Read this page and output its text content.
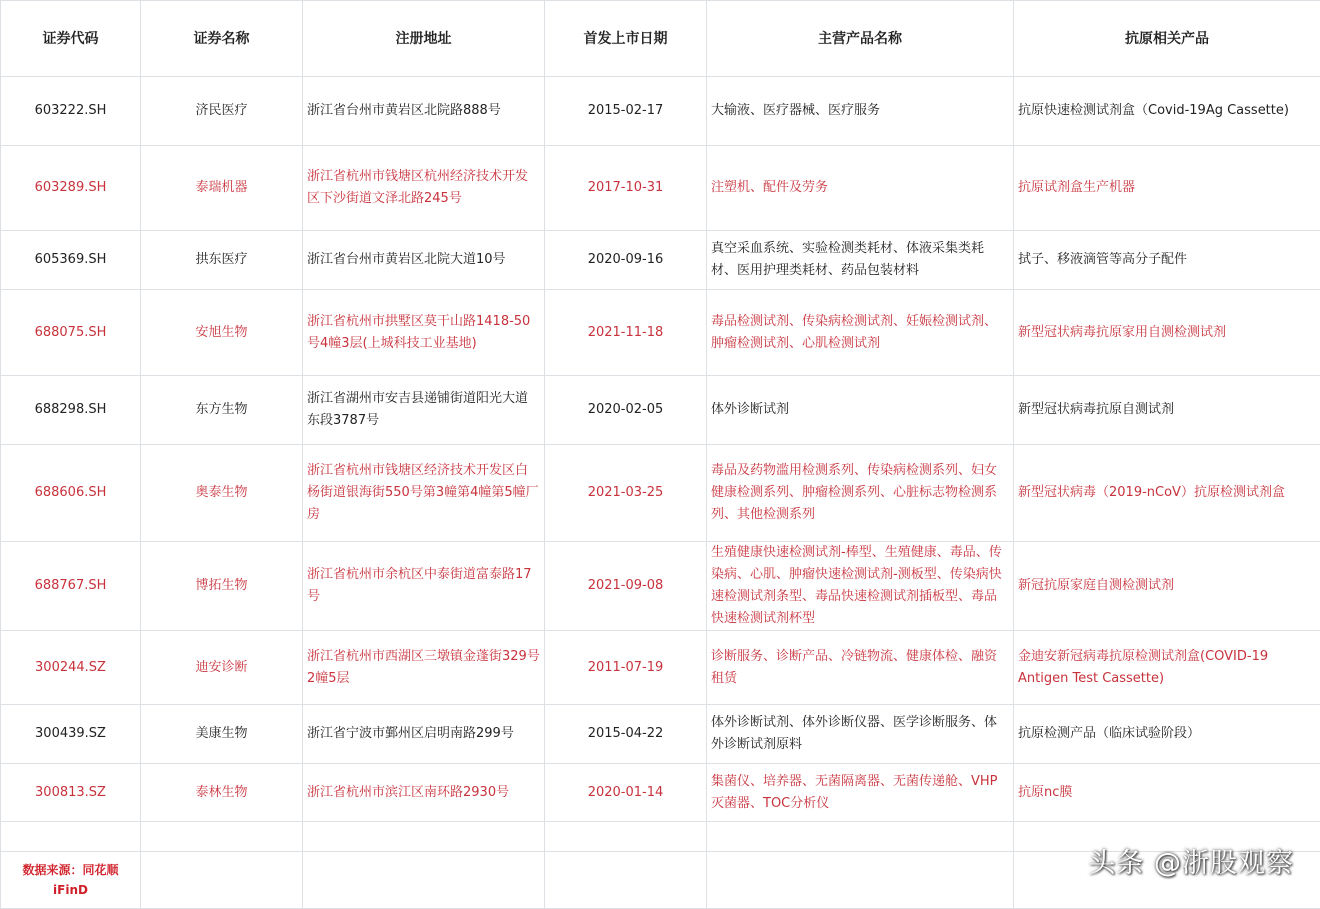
证券代码	证券名称	注册地址	首发上市日期	主营产品名称	抗原相关产品
603222.SH	济民医疗	浙江省台州市黄岩区北院路888号	2015-02-17	大输液、医疗器械、医疗服务	抗原快速检测试剂盒（Covid-19Ag Cassette)
603289.SH	泰瑞机器	浙江省杭州市钱塘区杭州经济技术开发区下沙街道文泽北路245号	2017-10-31	注塑机、配件及劳务	抗原试剂盒生产机器
605369.SH	拱东医疗	浙江省台州市黄岩区北院大道10号	2020-09-16	真空采血系统、实验检测类耗材、体液采集类耗材、医用护理类耗材、药品包装材料	拭子、移液滴管等高分子配件
688075.SH	安旭生物	浙江省杭州市拱墅区莫干山路1418-50号4幢3层(上城科技工业基地)	2021-11-18	毒品检测试剂、传染病检测试剂、妊娠检测试剂、肿瘤检测试剂、心肌检测试剂	新型冠状病毒抗原家用自测检测试剂
688298.SH	东方生物	浙江省湖州市安吉县递铺街道阳光大道东段3787号	2020-02-05	体外诊断试剂	新型冠状病毒抗原自测试剂
688606.SH	奥泰生物	浙江省杭州市钱塘区经济技术开发区白杨街道银海街550号第3幢第4幢第5幢厂房	2021-03-25	毒品及药物滥用检测系列、传染病检测系列、妇女健康检测系列、肿瘤检测系列、心脏标志物检测系列、其他检测系列	新型冠状病毒（2019-nCoV）抗原检测试剂盒
688767.SH	博拓生物	浙江省杭州市余杭区中泰街道富泰路17号	2021-09-08	生殖健康快速检测试剂-棒型、生殖健康、毒品、传染病、心肌、肿瘤快速检测试剂-测板型、传染病快速检测试剂条型、毒品快速检测试剂插板型、毒品快速检测试剂杯型	新冠抗原家庭自测检测试剂
300244.SZ	迪安诊断	浙江省杭州市西湖区三墩镇金蓬街329号2幢5层	2011-07-19	诊断服务、诊断产品、冷链物流、健康体检、融资租赁	金迪安新冠病毒抗原检测试剂盒(COVID-19 Antigen Test Cassette)
300439.SZ	美康生物	浙江省宁波市鄞州区启明南路299号	2015-04-22	体外诊断试剂、体外诊断仪器、医学诊断服务、体外诊断试剂原料	抗原检测产品（临床试验阶段）
300813.SZ	泰林生物	浙江省杭州市滨江区南环路2930号	2020-01-14	集菌仪、培养器、无菌隔离器、无菌传递舱、VHP灭菌器、TOC分析仪	抗原nc膜

数据来源：同花顺
iFinD					

头条 @浙股观察
